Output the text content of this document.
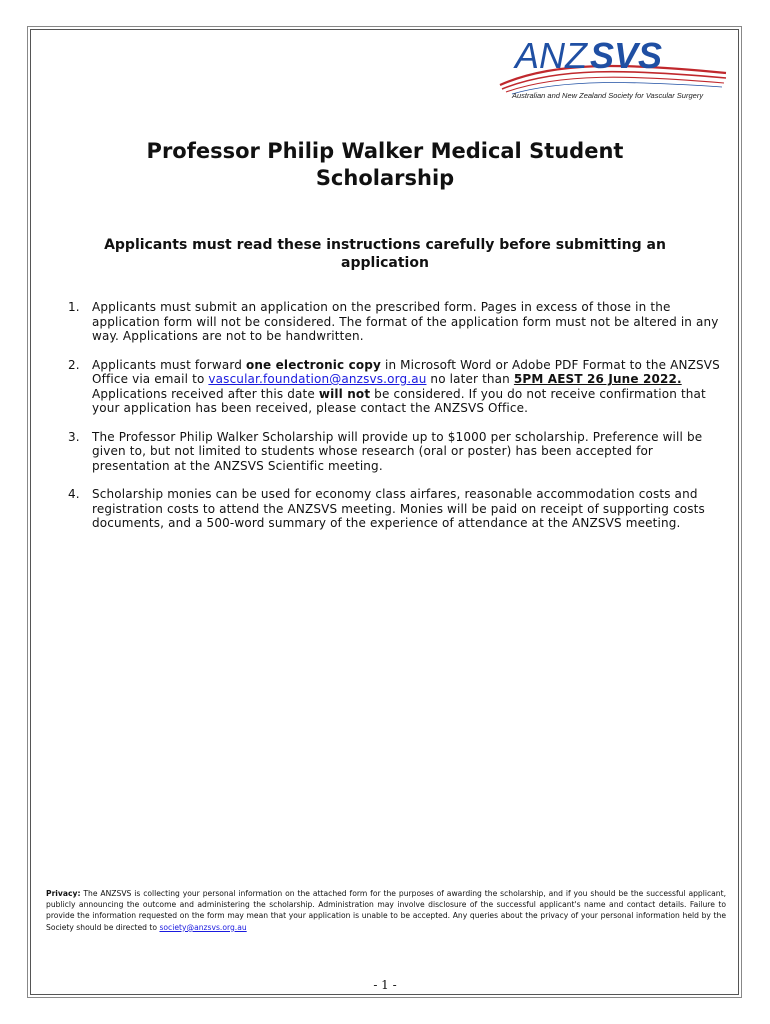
ANZ SVS
Australian and New Zealand Society for Vascular Surgery
Professor Philip Walker Medical Student
Scholarship
Applicants must read these instructions carefully before submitting an
application
1. Applicants must submit an application on the prescribed form. Pages in excess of those in the application form will not be considered. The format of the application form must not be altered in any way. Applications are not to be handwritten.
2. Applicants must forward one electronic copy in Microsoft Word or Adobe PDF Format to the ANZSVS Office via email to vascular.foundation@anzsvs.org.au no later than 5PM AEST 26 June 2022. Applications received after this date will not be considered. If you do not receive confirmation that your application has been received, please contact the ANZSVS Office.
3. The Professor Philip Walker Scholarship will provide up to $1000 per scholarship. Preference will be given to, but not limited to students whose research (oral or poster) has been accepted for presentation at the ANZSVS Scientific meeting.
4. Scholarship monies can be used for economy class airfares, reasonable accommodation costs and registration costs to attend the ANZSVS meeting. Monies will be paid on receipt of supporting costs documents, and a 500-word summary of the experience of attendance at the ANZSVS meeting.
Privacy: The ANZSVS is collecting your personal information on the attached form for the purposes of awarding the scholarship, and if you should be the successful applicant, publicly announcing the outcome and administering the scholarship. Administration may involve disclosure of the successful applicant's name and contact details. Failure to provide the information requested on the form may mean that your application is unable to be accepted. Any queries about the privacy of your personal information held by the Society should be directed to society@anzsvs.org.au
- 1 -
